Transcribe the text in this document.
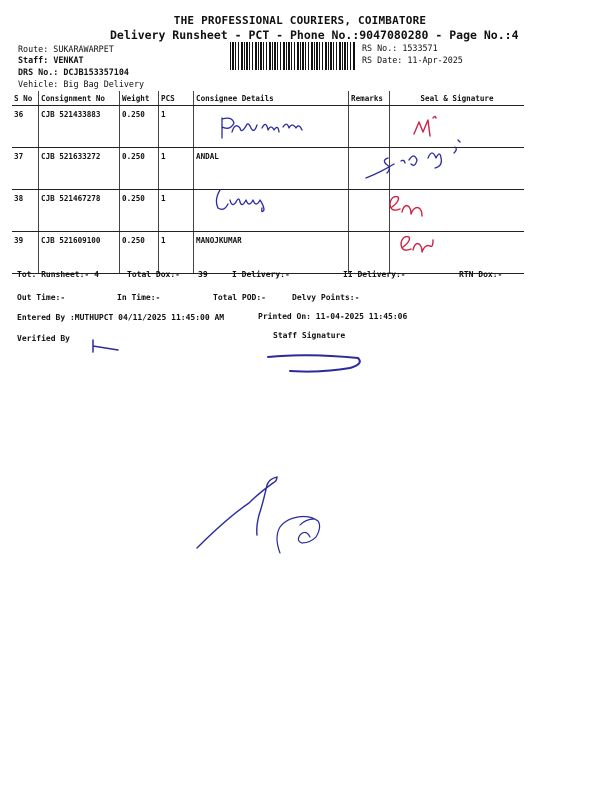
THE PROFESSIONAL COURIERS, COIMBATORE
Delivery Runsheet - PCT - Phone No.:9047080280 - Page No.:4
Route: SUKARAWARPET
Staff: VENKAT
DRS No.: DCJB153357104
Vehicle: Big Bag Delivery
RS No.: 1533571
RS Date: 11-Apr-2025
S No	Consignment No	Weight	PCS	Consignee Details	Remarks	Seal & Signature
36	CJB 521433883	0.250	1			
37	CJB 521633272	0.250	1	ANDAL		
38	CJB 521467278	0.250	1			
39	CJB 521609100	0.250	1	MANOJKUMAR		
Tot. Runsheet:- 4	Total Dox:- 39	I Delivery:-	II Delivery:-	RTN Dox:-
Out Time:-	In Time:-	Total POD:-	Delvy Points:-
Entered By :MUTHUPCT 04/11/2025 11:45:00 AM	Printed On: 11-04-2025 11:45:06
Verified By	Staff Signature
